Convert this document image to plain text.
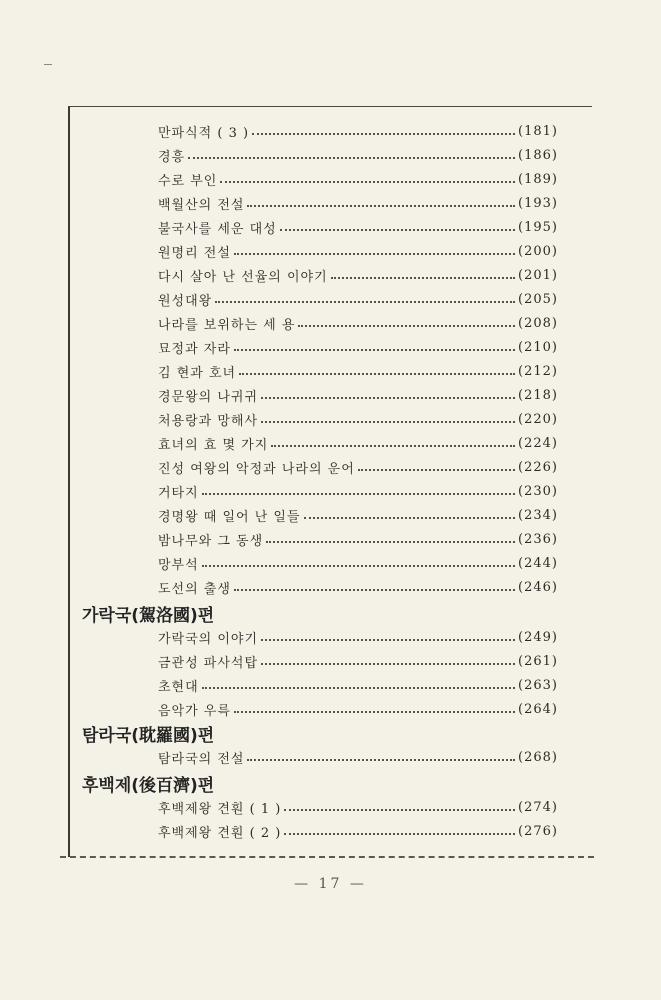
만파식적 ( 3 )	(181)
경흥	(186)
수로 부인	(189)
백월산의 전설	(193)
불국사를 세운 대성	(195)
원명리 전설	(200)
다시 살아 난 선율의 이야기	(201)
원성대왕	(205)
나라를 보위하는 세 용	(208)
묘정과 자라	(210)
김 현과 호녀	(212)
경문왕의 나귀귀	(218)
처용랑과 망해사	(220)
효녀의 효 몇 가지	(224)
진성 여왕의 악정과 나라의 운어	(226)
거타지	(230)
경명왕 때 일어 난 일들	(234)
밤나무와 그 동생	(236)
망부석	(244)
도선의 출생	(246)
가락국(駕洛國)편
가락국의 이야기	(249)
금관성 파사석탑	(261)
초현대	(263)
음악가 우륵	(264)
탐라국(耽羅國)편
탐라국의 전설	(268)
후백제(後百濟)편
후백제왕 견훤 ( 1 )	(274)
후백제왕 견훤 ( 2 )	(276)
— 17 —
